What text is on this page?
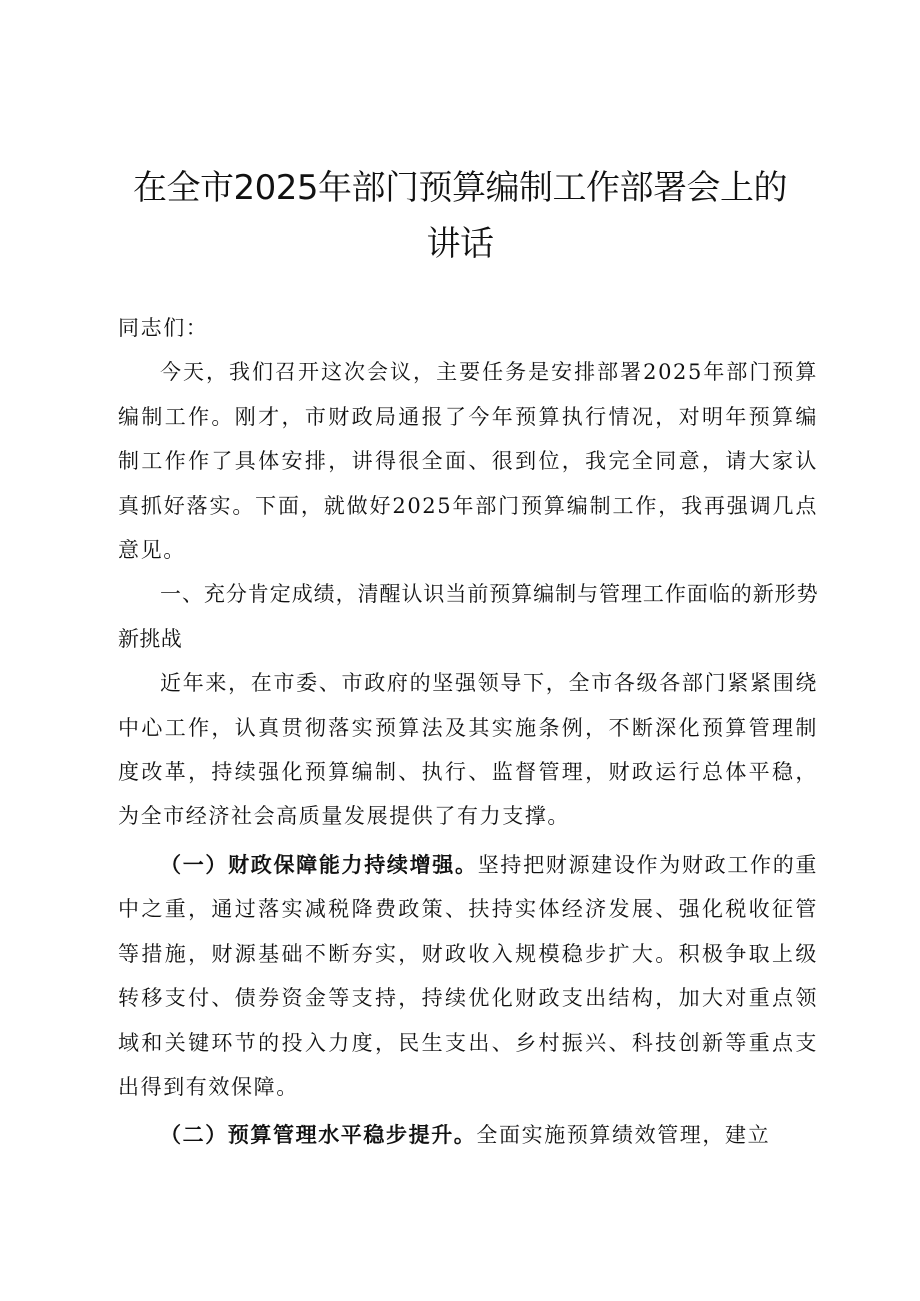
在全市2025年部门预算编制工作部署会上的
讲话

同志们：

今天，我们召开这次会议，主要任务是安排部署2025年部门预算编制工作。刚才，市财政局通报了今年预算执行情况，对明年预算编制工作作了具体安排，讲得很全面、很到位，我完全同意，请大家认真抓好落实。下面，就做好2025年部门预算编制工作，我再强调几点意见。

一、充分肯定成绩，清醒认识当前预算编制与管理工作面临的新形势新挑战

近年来，在市委、市政府的坚强领导下，全市各级各部门紧紧围绕中心工作，认真贯彻落实预算法及其实施条例，不断深化预算管理制度改革，持续强化预算编制、执行、监督管理，财政运行总体平稳，为全市经济社会高质量发展提供了有力支撑。

（一）财政保障能力持续增强。坚持把财源建设作为财政工作的重中之重，通过落实减税降费政策、扶持实体经济发展、强化税收征管等措施，财源基础不断夯实，财政收入规模稳步扩大。积极争取上级转移支付、债券资金等支持，持续优化财政支出结构，加大对重点领域和关键环节的投入力度，民生支出、乡村振兴、科技创新等重点支出得到有效保障。

（二）预算管理水平稳步提升。全面实施预算绩效管理，建立
